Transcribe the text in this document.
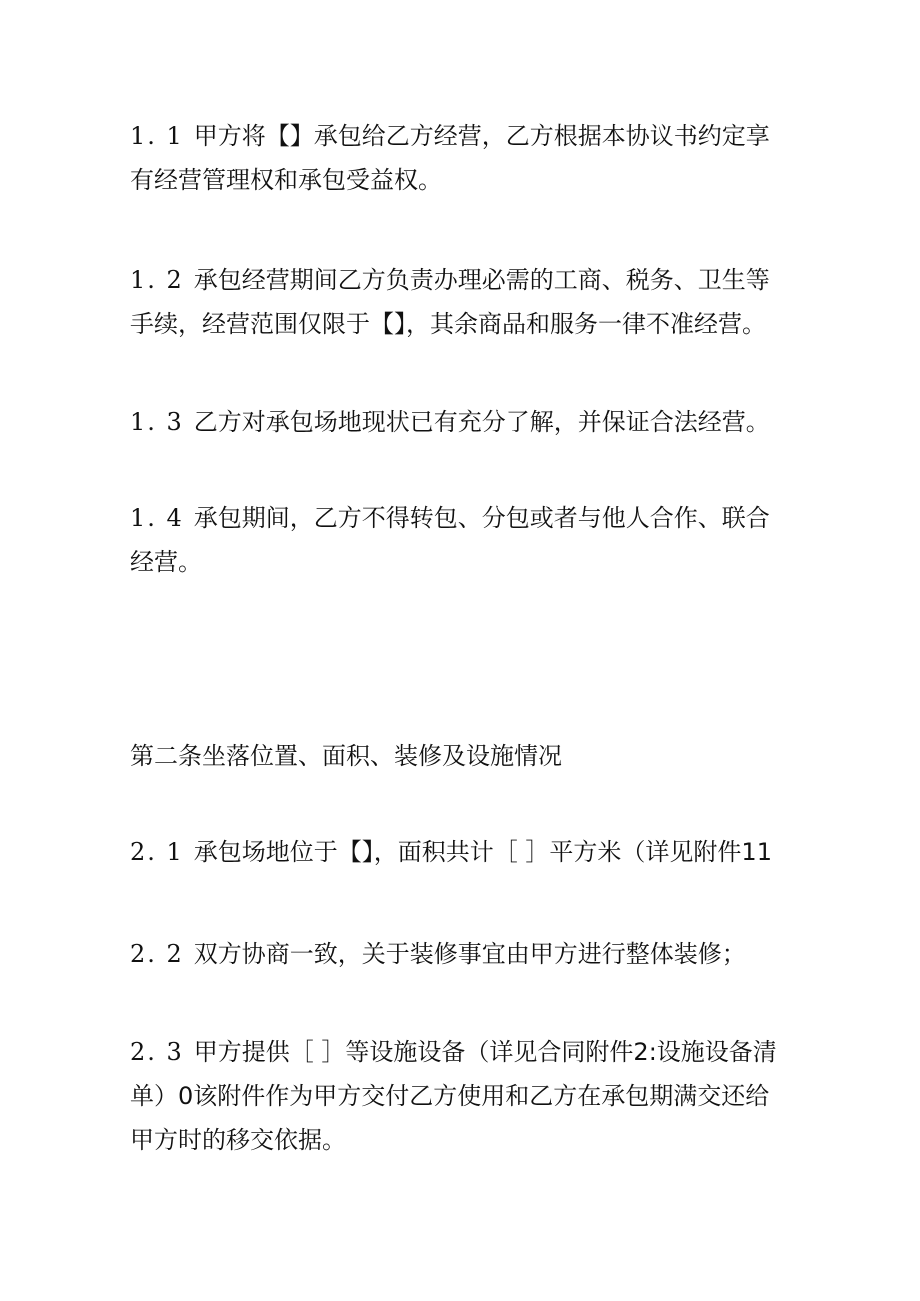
1. 1 甲方将【】承包给乙方经营，乙方根据本协议书约定享有经营管理权和承包受益权。

1. 2 承包经营期间乙方负责办理必需的工商、税务、卫生等手续，经营范围仅限于【】，其余商品和服务一律不准经营。

1. 3 乙方对承包场地现状已有充分了解，并保证合法经营。

1. 4 承包期间，乙方不得转包、分包或者与他人合作、联合经营。

第二条坐落位置、面积、装修及设施情况

2. 1 承包场地位于【】，面积共计［ ］平方米（详见附件11

2. 2 双方协商一致，关于装修事宜由甲方进行整体装修；

2. 3 甲方提供［ ］等设施设备（详见合同附件2:设施设备清单）0该附件作为甲方交付乙方使用和乙方在承包期满交还给甲方时的移交依据。
